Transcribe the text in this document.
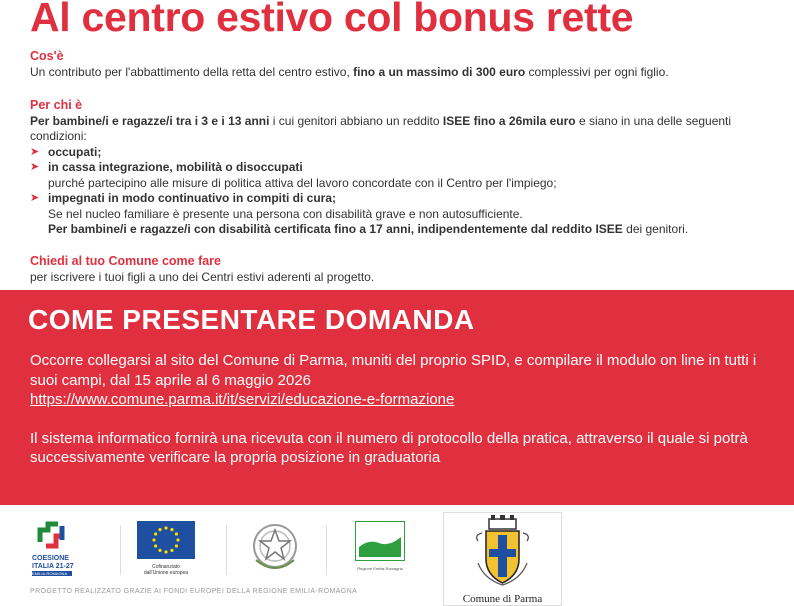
Al centro estivo col bonus rette
Cos'è
Un contributo per l'abbattimento della retta del centro estivo, fino a un massimo di 300 euro complessivi per ogni figlio.
Per chi è
Per bambine/i e ragazze/i tra i 3 e i 13 anni i cui genitori abbiano un reddito ISEE fino a 26mila euro e siano in una delle seguenti condizioni:
➤ occupati;
➤ in cassa integrazione, mobilità o disoccupati
purché partecipino alle misure di politica attiva del lavoro concordate con il Centro per l'impiego;
➤ impegnati in modo continuativo in compiti di cura;
Se nel nucleo familiare è presente una persona con disabilità grave e non autosufficiente.
Per bambine/i e ragazze/i con disabilità certificata fino a 17 anni, indipendentemente dal reddito ISEE dei genitori.
Chiedi al tuo Comune come fare
per iscrivere i tuoi figli a uno dei Centri estivi aderenti al progetto.
COME PRESENTARE DOMANDA
Occorre collegarsi al sito del Comune di Parma, muniti del proprio SPID, e compilare il modulo on line in tutti i suoi campi, dal 15 aprile al 6 maggio 2026
https://www.comune.parma.it/it/servizi/educazione-e-formazione
Il sistema informatico fornirà una ricevuta con il numero di protocollo della pratica, attraverso il quale si potrà successivamente verificare la propria posizione in graduatoria
COESIONE
ITALIA 21-27
EMILIA-ROMAGNA
Cofinanziato
dall'Unione europea
Regione Emilia-Romagna
Comune di Parma
PROGETTO REALIZZATO GRAZIE AI FONDI EUROPEI DELLA REGIONE EMILIA-ROMAGNA
